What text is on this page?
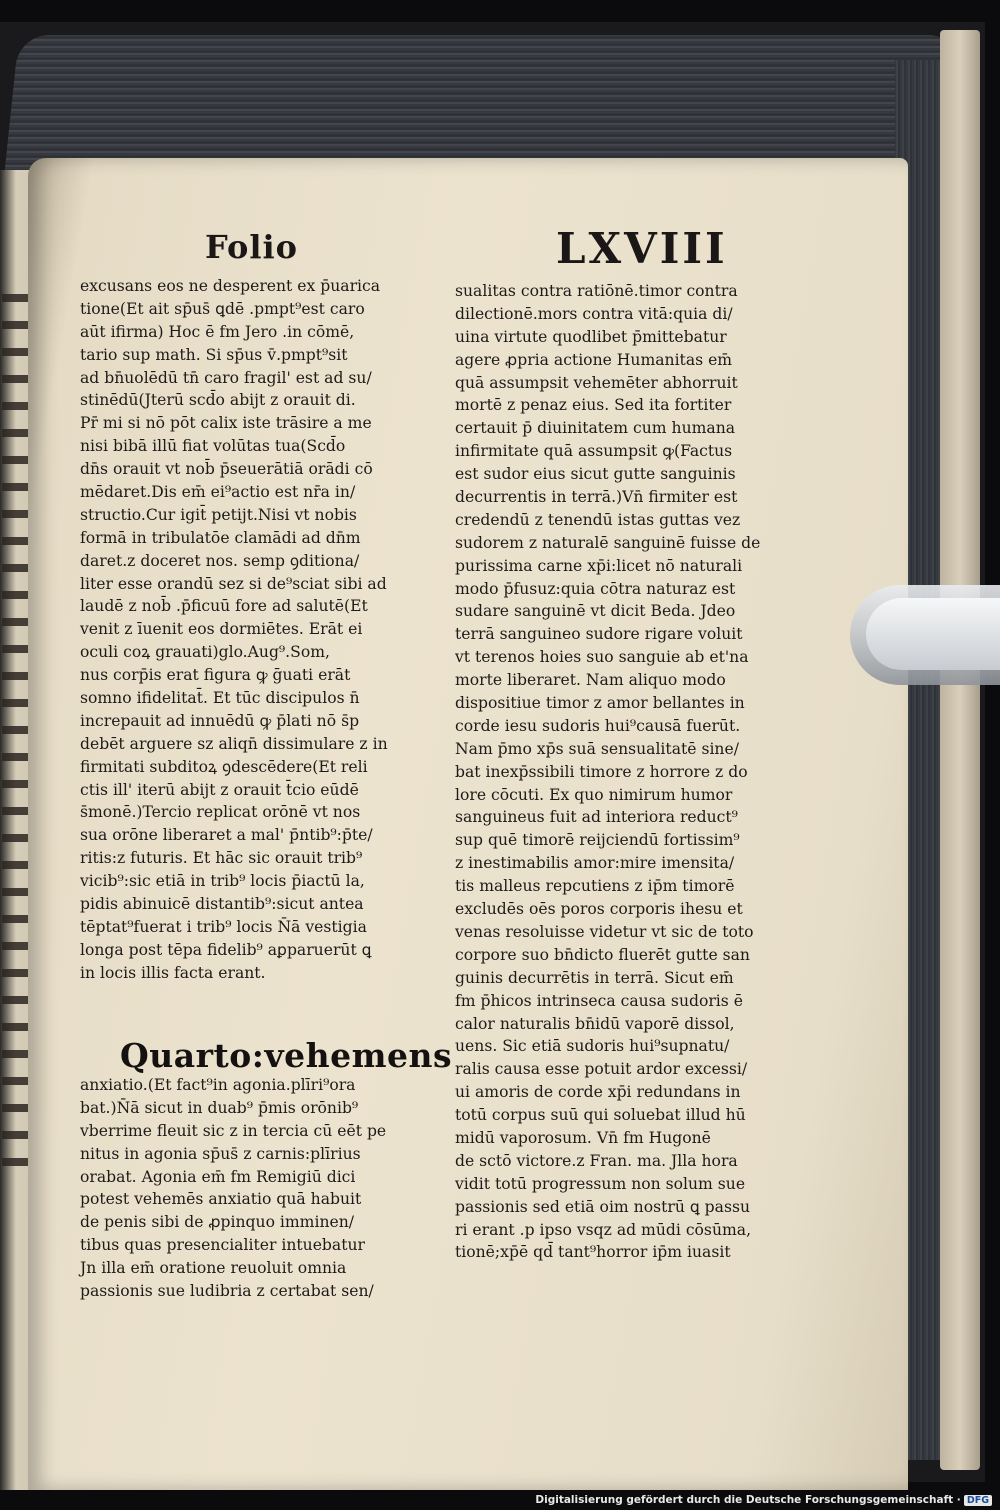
Folio	LXVIII
excusans eos ne desperent ex p̄uarica
tione(Et ait sp̄us̄ ꝗdē .pmpt⁹est caro
aūt ifirma) Hoc ē fm Jero .in cōmē,
tario sup math. Si sp̄us v̄.pmpt⁹sit
ad bn̄uolēdū tn̄ caro fragil' est ad su/
stinēdū(Jterū scd̄o abijt z orauit di.
Pr̄ mi si nō pōt calix iste trāsire a me
nisi bibā illū fiat volūtas tua(Scd̄o
dn̄s orauit vt nob̄ p̄seuerātiā orādi cō
mēdaret.Dis em̄ ei⁹actio est nr̄a in/
structio.Cur igit̄ petijt.Nisi vt nobis
formā in tribulatōe clamādi ad dn̄m
daret.z doceret nos. semp ꝯditiona/
liter esse orandū sez si de⁹sciat sibi ad
laudē z nob̄ .p̄ficuū fore ad salutē(Et
venit z īuenit eos dormiētes. Erāt ei
oculi coꝝ grauati)glo.Aug⁹.Som,
nus corp̄is erat figura ꝙ ḡuati erāt
somno ifidelitat̄. Et tūc discipulos n̄
increpauit ad innuēdū ꝙ p̄lati nō s̄p
debēt arguere sz aliqn̄ dissimulare z in
firmitati subditoꝝ ꝯdescēdere(Et reli
ctis ill' iterū abijt z orauit t̄cio eūdē
s̄monē.)Tercio replicat orōnē vt nos
sua orōne liberaret a mal' p̄ntib⁹:p̄te/
ritis:z futuris. Et hāc sic orauit trib⁹
vicib⁹:sic etiā in trib⁹ locis p̄iactū la,
pidis abinuicē distantib⁹:sicut antea
tēptat⁹fuerat i trib⁹ locis N̄ā vestigia
longa post tēpa fidelib⁹ aꝑparuerūt ꝗ
in locis illis facta erant.
Quarto:vehemens
anxiatio.(Et fact⁹in agonia.plīri⁹ora
bat.)N̄ā sicut in duab⁹ p̄mis orōnib⁹
vberrime fleuit sic z in tercia cū eēt pe
nitus in agonia sp̄us̄ z carnis:plīrius
orabat. Agonia em̄ fm Remigiū dici
potest vehemēs anxiatio quā habuit
de penis sibi de ꝓpinquo imminen/
tibus quas presencialiter intuebatur
Jn illa em̄ oratione reuoluit omnia
passionis sue ludibria z certabat sen/
sualitas contra ratiōnē.timor contra
dilectionē.mors contra vitā:quia di/
uina virtute quodlibet p̄mittebatur
agere ꝓpria actione Humanitas em̄
quā assumpsit vehemēter abhorruit
mortē z penaz eius. Sed ita fortiter
certauit p̄ diuinitatem cum humana
infirmitate quā assumpsit ꝙ(Factus
est sudor eius sicut gutte sanguinis
decurrentis in terrā.)Vn̄ firmiter est
credendū z tenendū istas guttas vez
sudorem z naturalē sanguinē fuisse de
purissima carne xp̄i:licet nō naturali
modo p̄fusuz:quia cōtra naturaz est
sudare sanguinē vt dicit Beda. Jdeo
terrā sanguineo sudore rigare voluit
vt terenos hoies suo sanguie ab et'na
morte liberaret. Nam aliquo modo
dispositiue timor z amor bellantes in
corde iesu sudoris hui⁹causā fuerūt.
Nam p̄mo xp̄s suā sensualitatē sine/
bat inexp̄ssibili timore z horrore z do
lore cōcuti. Ex quo nimirum humor
sanguineus fuit ad interiora reduct⁹
sup quē timorē reijciendū fortissim⁹
z inestimabilis amor:mire imensita/
tis malleus repcutiens z ip̄m timorē
excludēs oēs poros corporis ihesu et
venas resoluisse videtur vt sic de toto
corpore suo bn̄dicto fluerēt gutte san
guinis decurrētis in terrā. Sicut em̄
fm p̄hicos intrinseca causa sudoris ē
calor naturalis bn̄idū vaporē dissol,
uens. Sic etiā sudoris hui⁹supnatu/
ralis causa esse potuit ardor excessi/
ui amoris de corde xp̄i redundans in
totū corpus suū qui soluebat illud hū
midū vaporosum. Vn̄ fm Hugonē
de sctō victore.z Fran. ma. Jlla hora
vidit totū progressum non solum sue
passionis sed etiā oim nostrū ꝗ passu
ri erant .p ipso vsqz ad mūdi cōsūma,
tionē;xp̄ē qd̄ tant⁹horror ip̄m iuasit
Digitalisierung gefördert durch die Deutsche Forschungsgemeinschaft · DFG
